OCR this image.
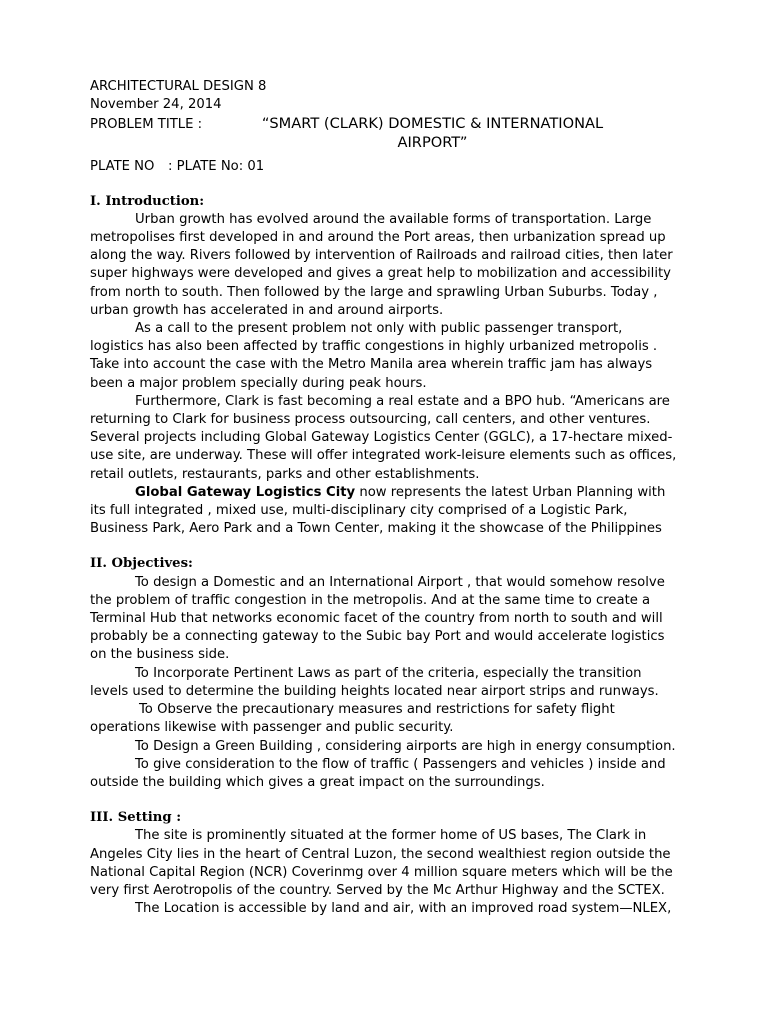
ARCHITECTURAL DESIGN 8
November 24, 2014
PROBLEM TITLE :	“SMART (CLARK) DOMESTIC & INTERNATIONAL AIRPORT”
PLATE NO : PLATE No: 01
I. Introduction:

Urban growth has evolved around the available forms of transportation. Large metropolises first developed in and around the Port areas, then urbanization spread up along the way. Rivers followed by intervention of Railroads and railroad cities, then later super highways were developed and gives a great help to mobilization and accessibility from north to south. Then followed by the large and sprawling Urban Suburbs. Today , urban growth has accelerated in and around airports.

As a call to the present problem not only with public passenger transport, logistics has also been affected by traffic congestions in highly urbanized metropolis . Take into account the case with the Metro Manila area wherein traffic jam has always been a major problem specially during peak hours.

Furthermore, Clark is fast becoming a real estate and a BPO hub. “Americans are returning to Clark for business process outsourcing, call centers, and other ventures. Several projects including Global Gateway Logistics Center (GGLC), a 17-hectare mixed-use site, are underway. These will offer integrated work-leisure elements such as offices, retail outlets, restaurants, parks and other establishments.

Global Gateway Logistics City now represents the latest Urban Planning with its full integrated , mixed use, multi-disciplinary city comprised of a Logistic Park, Business Park, Aero Park and a Town Center, making it the showcase of the Philippines

II. Objectives:

To design a Domestic and an International Airport , that would somehow resolve the problem of traffic congestion in the metropolis. And at the same time to create a Terminal Hub that networks economic facet of the country from north to south and will probably be a connecting gateway to the Subic bay Port and would accelerate logistics on the business side.

To Incorporate Pertinent Laws as part of the criteria, especially the transition levels used to determine the building heights located near airport strips and runways.

To Observe the precautionary measures and restrictions for safety flight operations likewise with passenger and public security.

To Design a Green Building , considering airports are high in energy consumption.

To give consideration to the flow of traffic ( Passengers and vehicles ) inside and outside the building which gives a great impact on the surroundings.

III. Setting :

The site is prominently situated at the former home of US bases, The Clark in Angeles City lies in the heart of Central Luzon, the second wealthiest region outside the National Capital Region (NCR) Coverinmg over 4 million square meters which will be the very first Aerotropolis of the country. Served by the Mc Arthur Highway and the SCTEX.

The Location is accessible by land and air, with an improved road system—NLEX,
